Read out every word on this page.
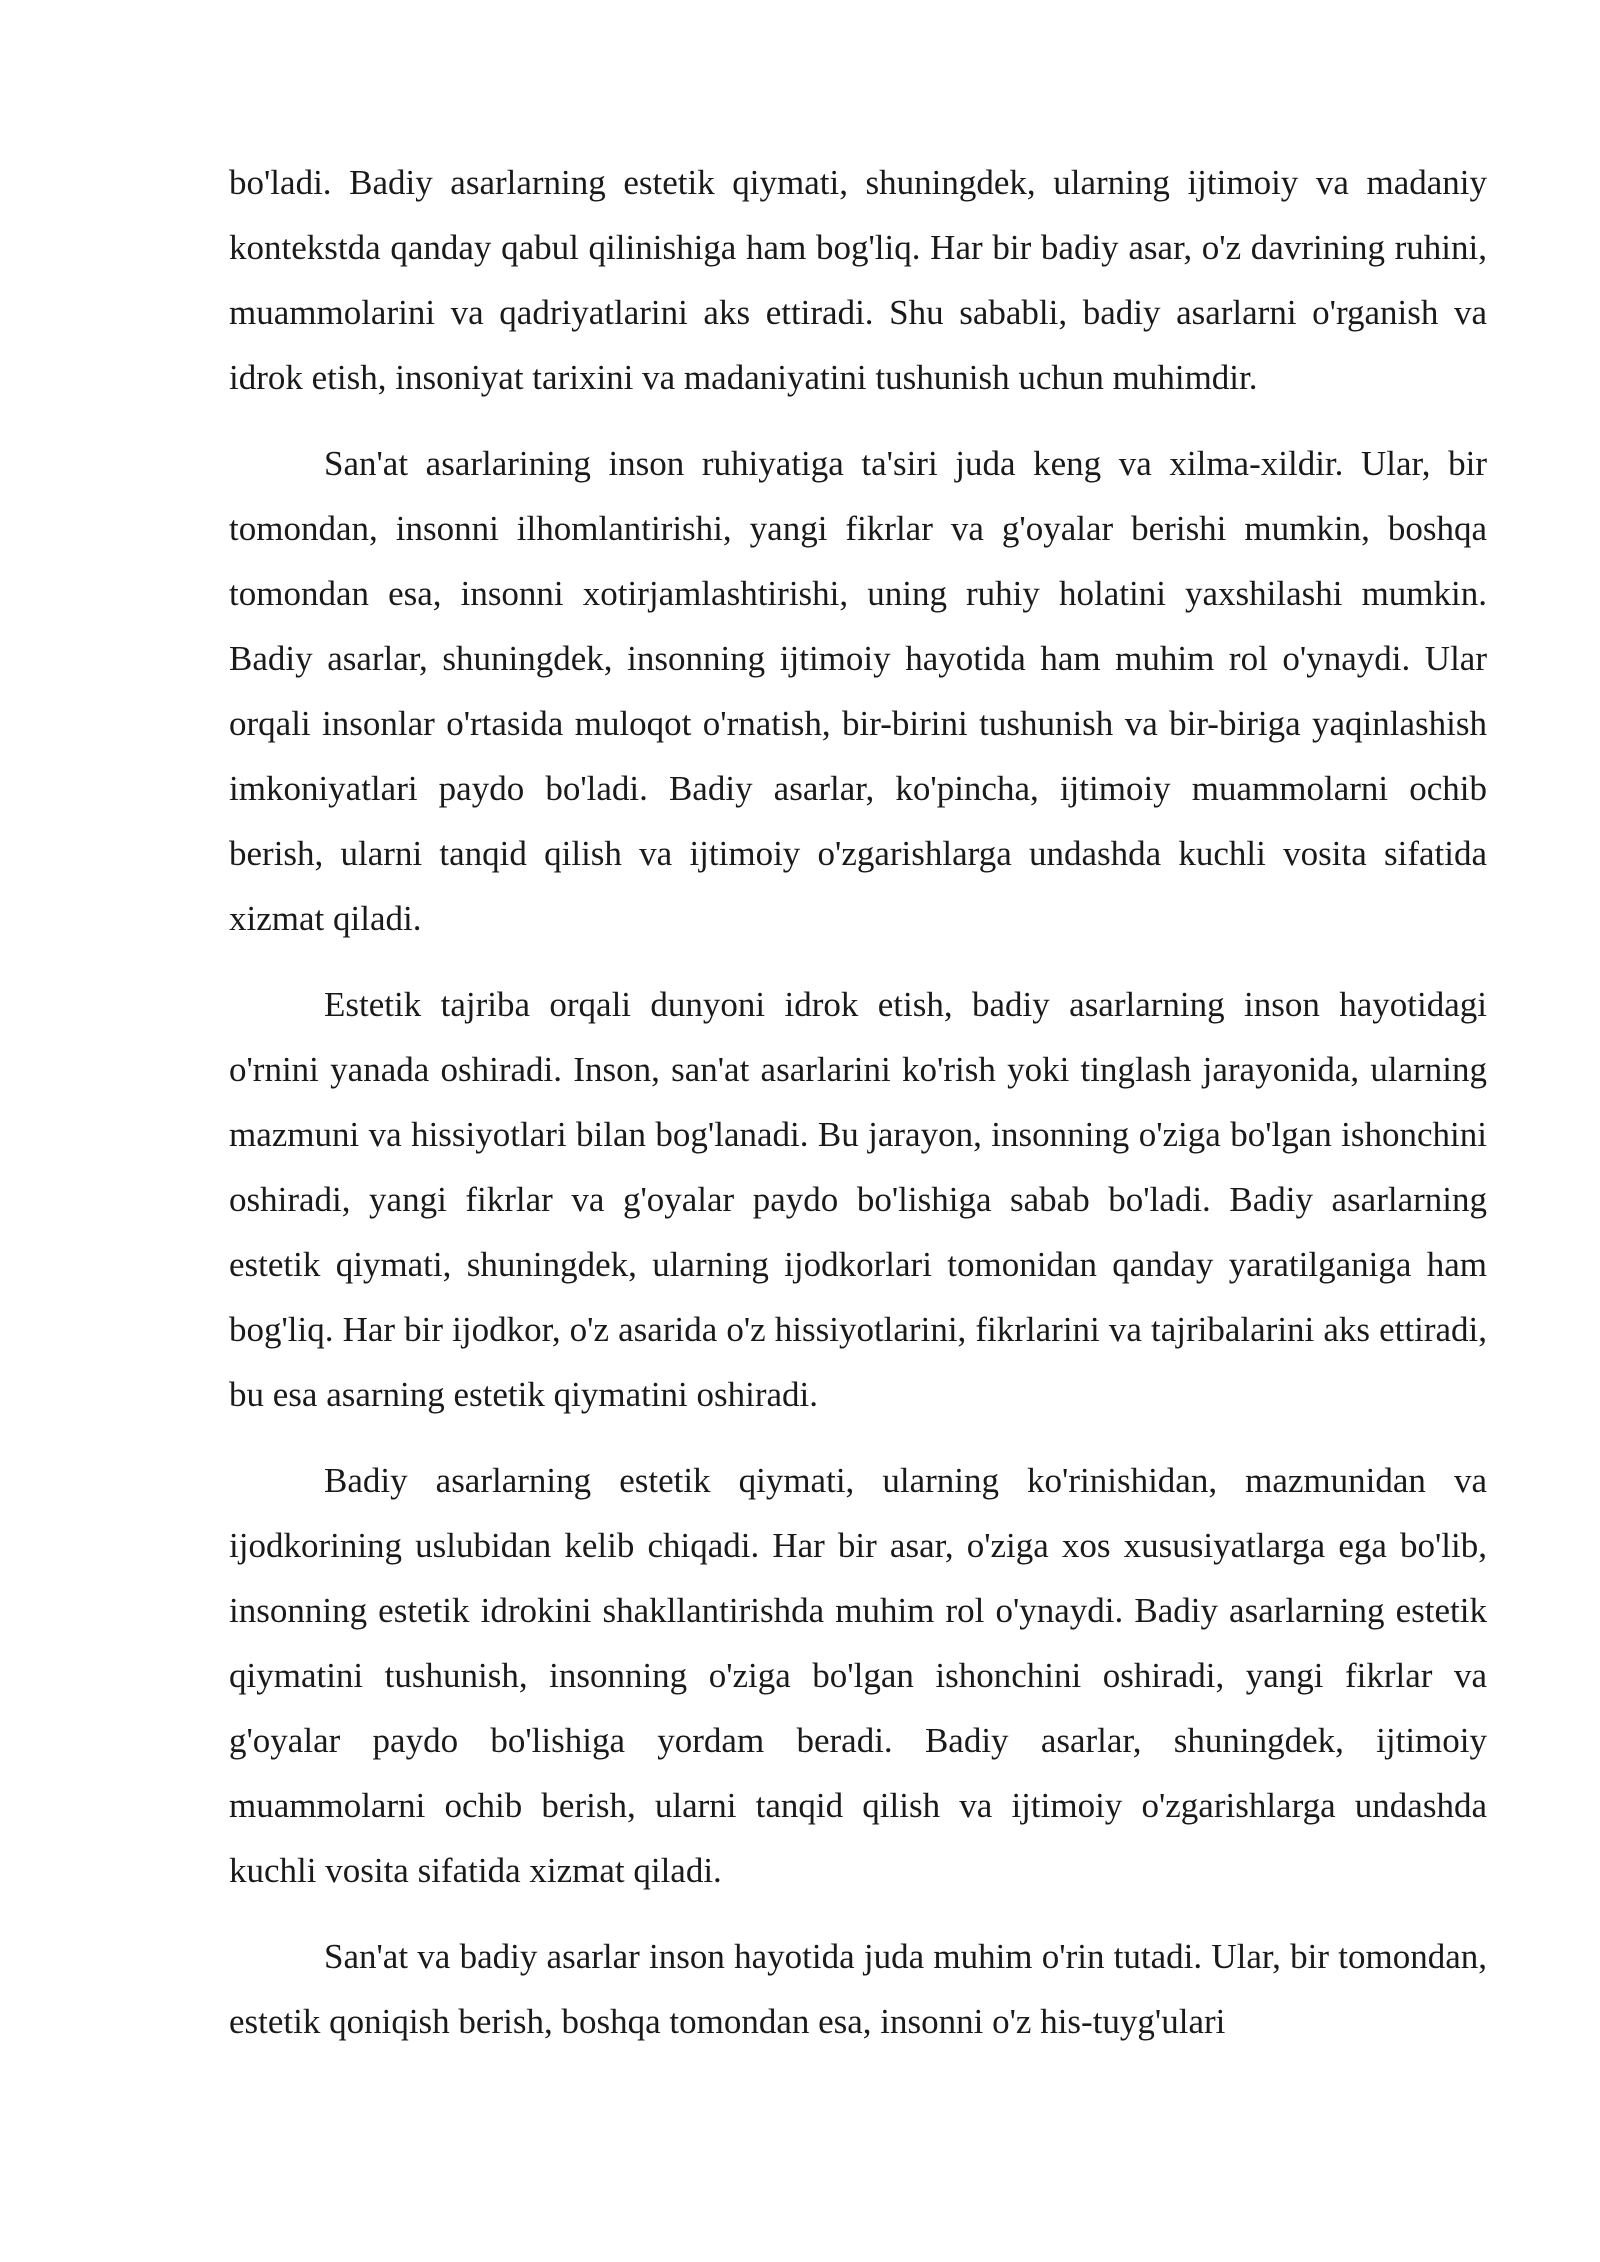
bo'ladi. Badiy asarlarning estetik qiymati, shuningdek, ularning ijtimoiy va madaniy kontekstda qanday qabul qilinishiga ham bog'liq. Har bir badiy asar, o'z davrining ruhini, muammolarini va qadriyatlarini aks ettiradi. Shu sababli, badiy asarlarni o'rganish va idrok etish, insoniyat tarixini va madaniyatini tushunish uchun muhimdir.

San'at asarlarining inson ruhiyatiga ta'siri juda keng va xilma-xildir. Ular, bir tomondan, insonni ilhomlantirishi, yangi fikrlar va g'oyalar berishi mumkin, boshqa tomondan esa, insonni xotirjamlashtirishi, uning ruhiy holatini yaxshilashi mumkin. Badiy asarlar, shuningdek, insonning ijtimoiy hayotida ham muhim rol o'ynaydi. Ular orqali insonlar o'rtasida muloqot o'rnatish, bir-birini tushunish va bir-biriga yaqinlashish imkoniyatlari paydo bo'ladi. Badiy asarlar, ko'pincha, ijtimoiy muammolarni ochib berish, ularni tanqid qilish va ijtimoiy o'zgarishlarga undashda kuchli vosita sifatida xizmat qiladi.

Estetik tajriba orqali dunyoni idrok etish, badiy asarlarning inson hayotidagi o'rnini yanada oshiradi. Inson, san'at asarlarini ko'rish yoki tinglash jarayonida, ularning mazmuni va hissiyotlari bilan bog'lanadi. Bu jarayon, insonning o'ziga bo'lgan ishonchini oshiradi, yangi fikrlar va g'oyalar paydo bo'lishiga sabab bo'ladi. Badiy asarlarning estetik qiymati, shuningdek, ularning ijodkorlari tomonidan qanday yaratilganiga ham bog'liq. Har bir ijodkor, o'z asarida o'z hissiyotlarini, fikrlarini va tajribalarini aks ettiradi, bu esa asarning estetik qiymatini oshiradi.

Badiy asarlarning estetik qiymati, ularning ko'rinishidan, mazmunidan va ijodkorining uslubidan kelib chiqadi. Har bir asar, o'ziga xos xususiyatlarga ega bo'lib, insonning estetik idrokini shakllantirishda muhim rol o'ynaydi. Badiy asarlarning estetik qiymatini tushunish, insonning o'ziga bo'lgan ishonchini oshiradi, yangi fikrlar va g'oyalar paydo bo'lishiga yordam beradi. Badiy asarlar, shuningdek, ijtimoiy muammolarni ochib berish, ularni tanqid qilish va ijtimoiy o'zgarishlarga undashda kuchli vosita sifatida xizmat qiladi.

San'at va badiy asarlar inson hayotida juda muhim o'rin tutadi. Ular, bir tomondan, estetik qoniqish berish, boshqa tomondan esa, insonni o'z his-tuyg'ulari
